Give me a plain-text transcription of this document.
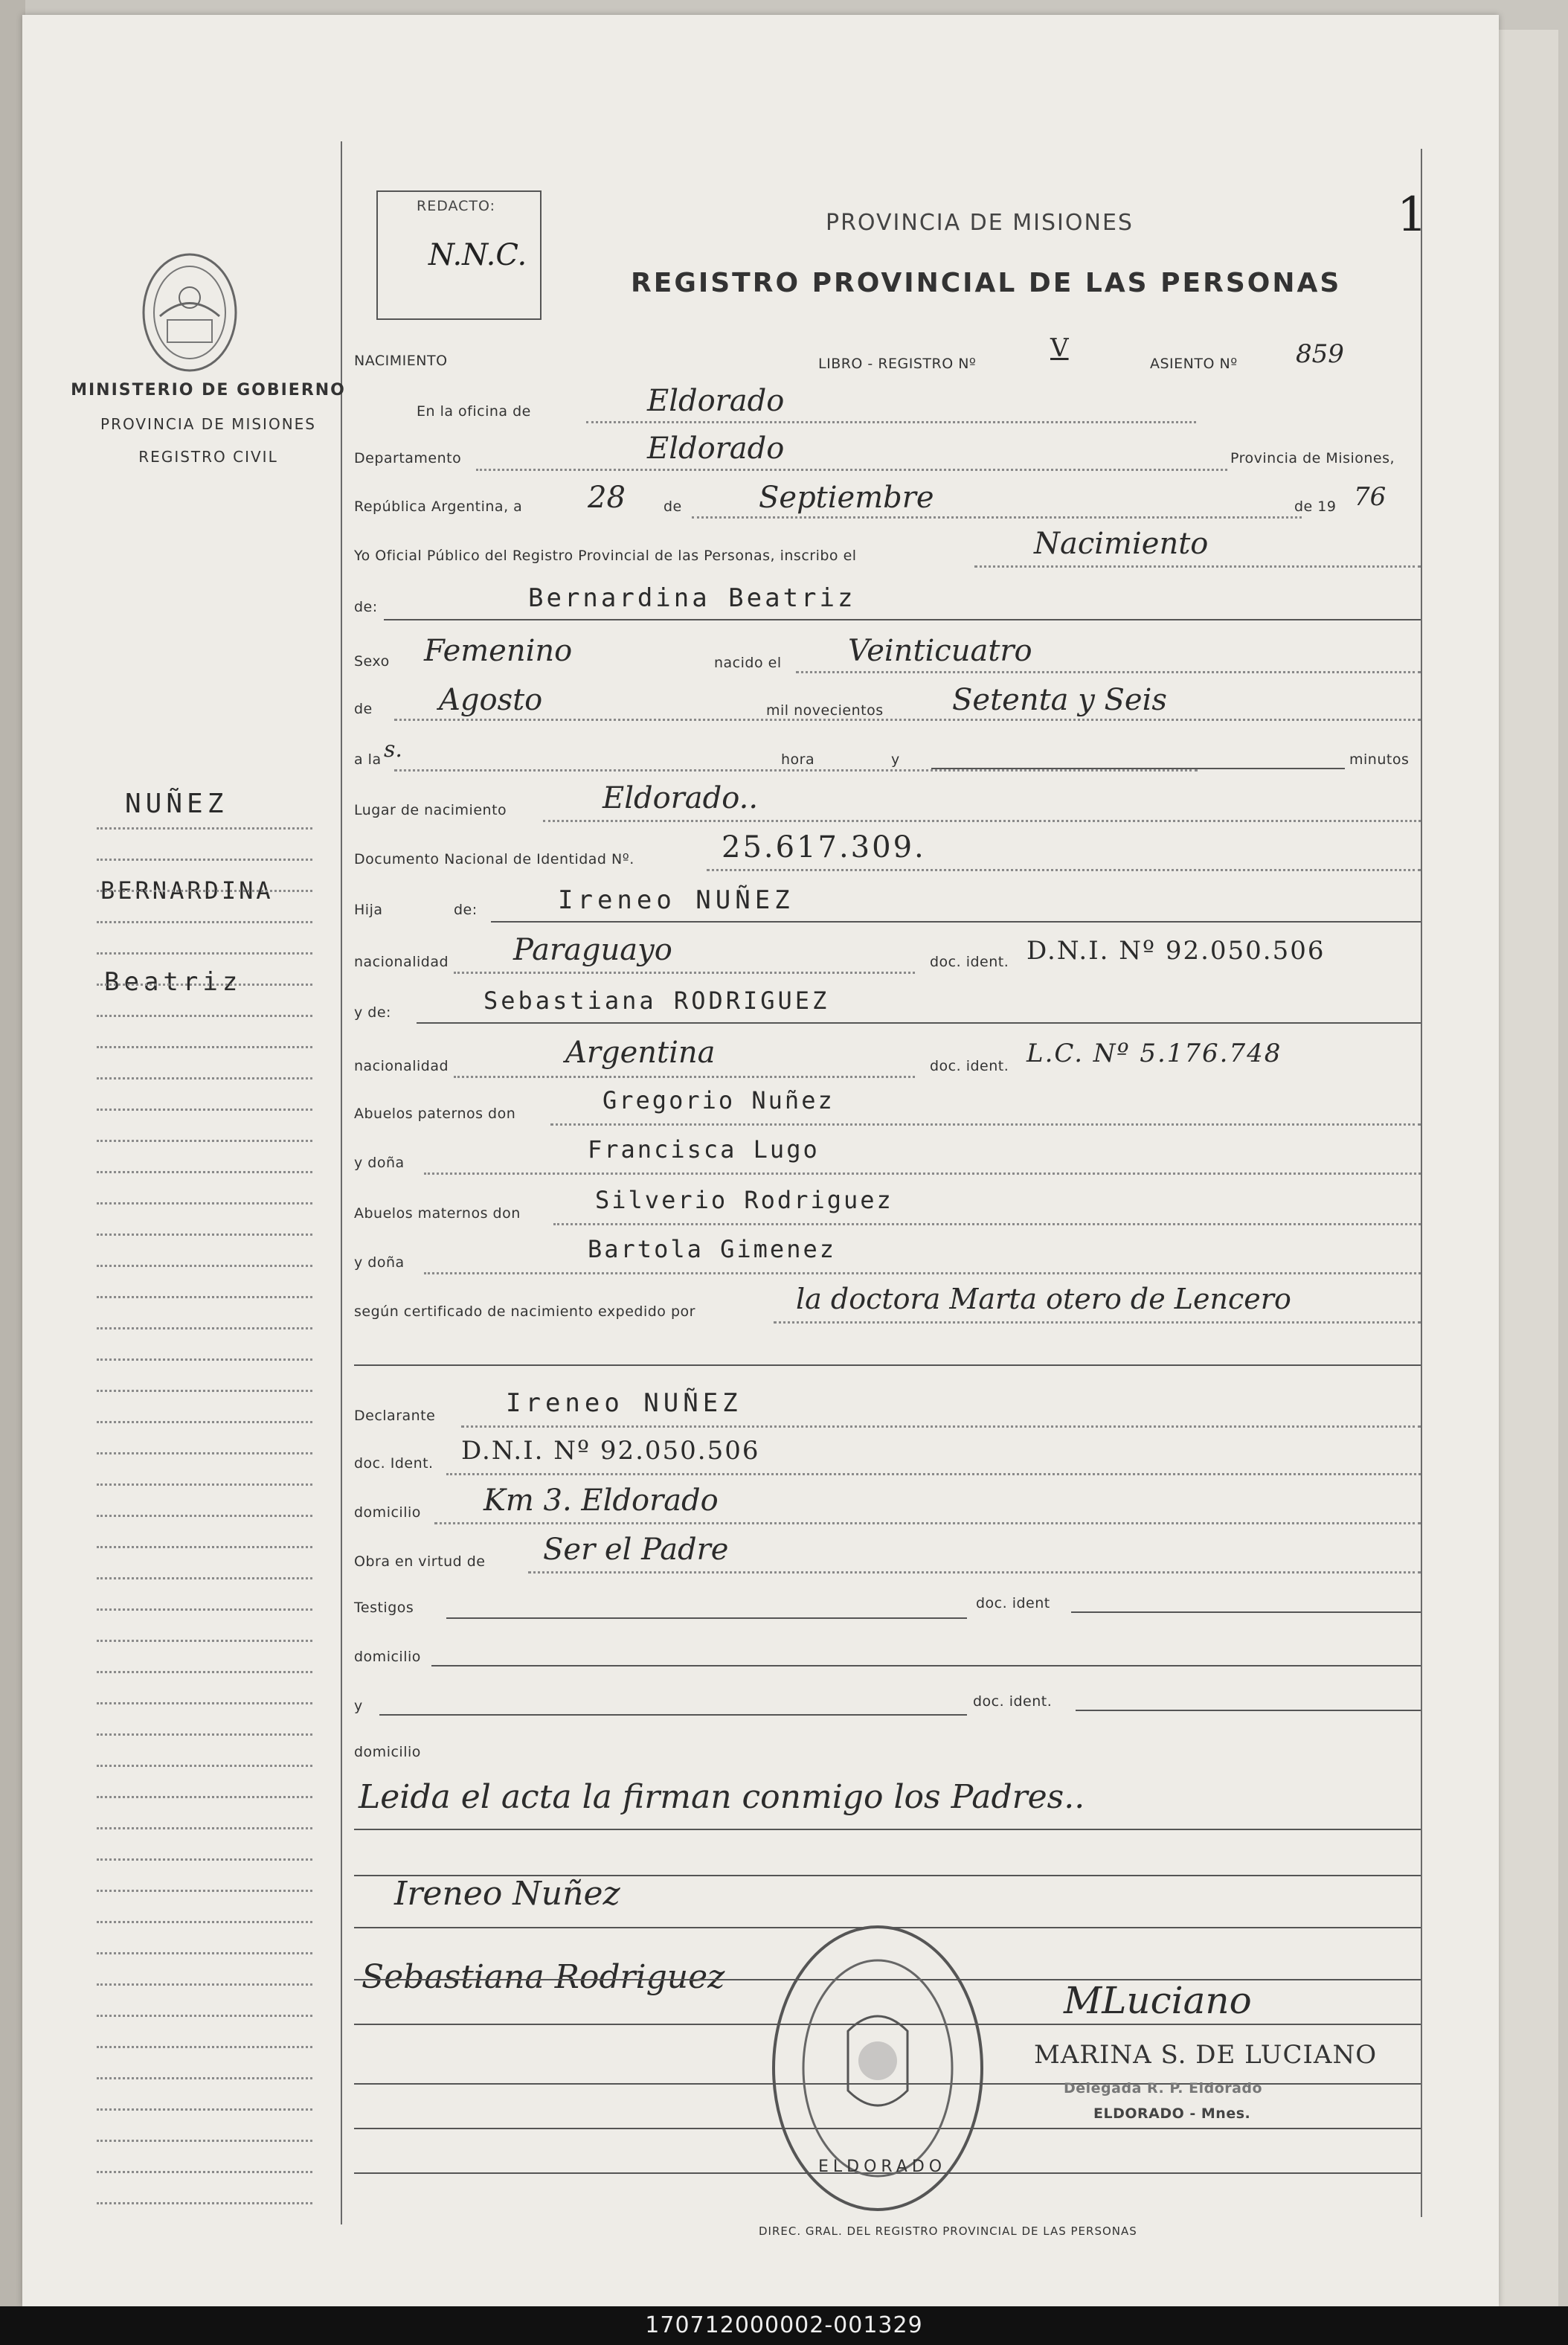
REDACTO:
N.N.C.
PROVINCIA DE MISIONES
REGISTRO PROVINCIAL DE LAS PERSONAS
1
MINISTERIO DE GOBIERNO
PROVINCIA DE MISIONES
REGISTRO CIVIL
NUÑEZ
BERNARDINA
Beatriz
NACIMIENTO	LIBRO - REGISTRO Nº
V
ASIENTO Nº 859
En la oficina de	Eldorado
Departamento	Eldorado	Provincia de Misiones,
República Argentina, a 28	de	Septiembre	de 19 76
Yo Oficial Público del Registro Provincial de las Personas, inscribo el	Nacimiento
de:	Bernardina Beatriz
Sexo Femenino	nacido el Veinticuatro
de Agosto	mil novecientos Setenta y Seis
a la s.	hora	y	minutos
Lugar de nacimiento	Eldorado..
Documento Nacional de Identidad Nº.	25.617.309.
Hija	de:	Ireneo NUÑEZ
nacionalidad Paraguayo	doc. ident. D.N.I. Nº 92.050.506
y de:	Sebastiana RODRIGUEZ
nacionalidad	Argentina	doc. ident. L.C. Nº 5.176.748
Abuelos paternos don	Gregorio Nuñez
y doña	Francisca Lugo
Abuelos maternos don	Silverio Rodriguez
y doña	Bartola Gimenez
según certificado de nacimiento expedido por	la doctora Marta otero de Lencero
Declarante	Ireneo NUÑEZ
doc. Ident. D.N.I. Nº 92.050.506
domicilio Km 3. Eldorado
Obra en virtud de Ser el Padre
Testigos	doc. ident
domicilio
y	doc. ident.
domicilio
Leida el acta la firman conmigo los Padres..
Ireneo Nuñez
Sebastiana Rodriguez
MLuciano
MARINA S. DE LUCIANO
Delegada R. P. Eldorado
ELDORADO - Mnes.
ELDORADO
DIREC. GRAL. DEL REGISTRO PROVINCIAL DE LAS PERSONAS
170712000002-001329
